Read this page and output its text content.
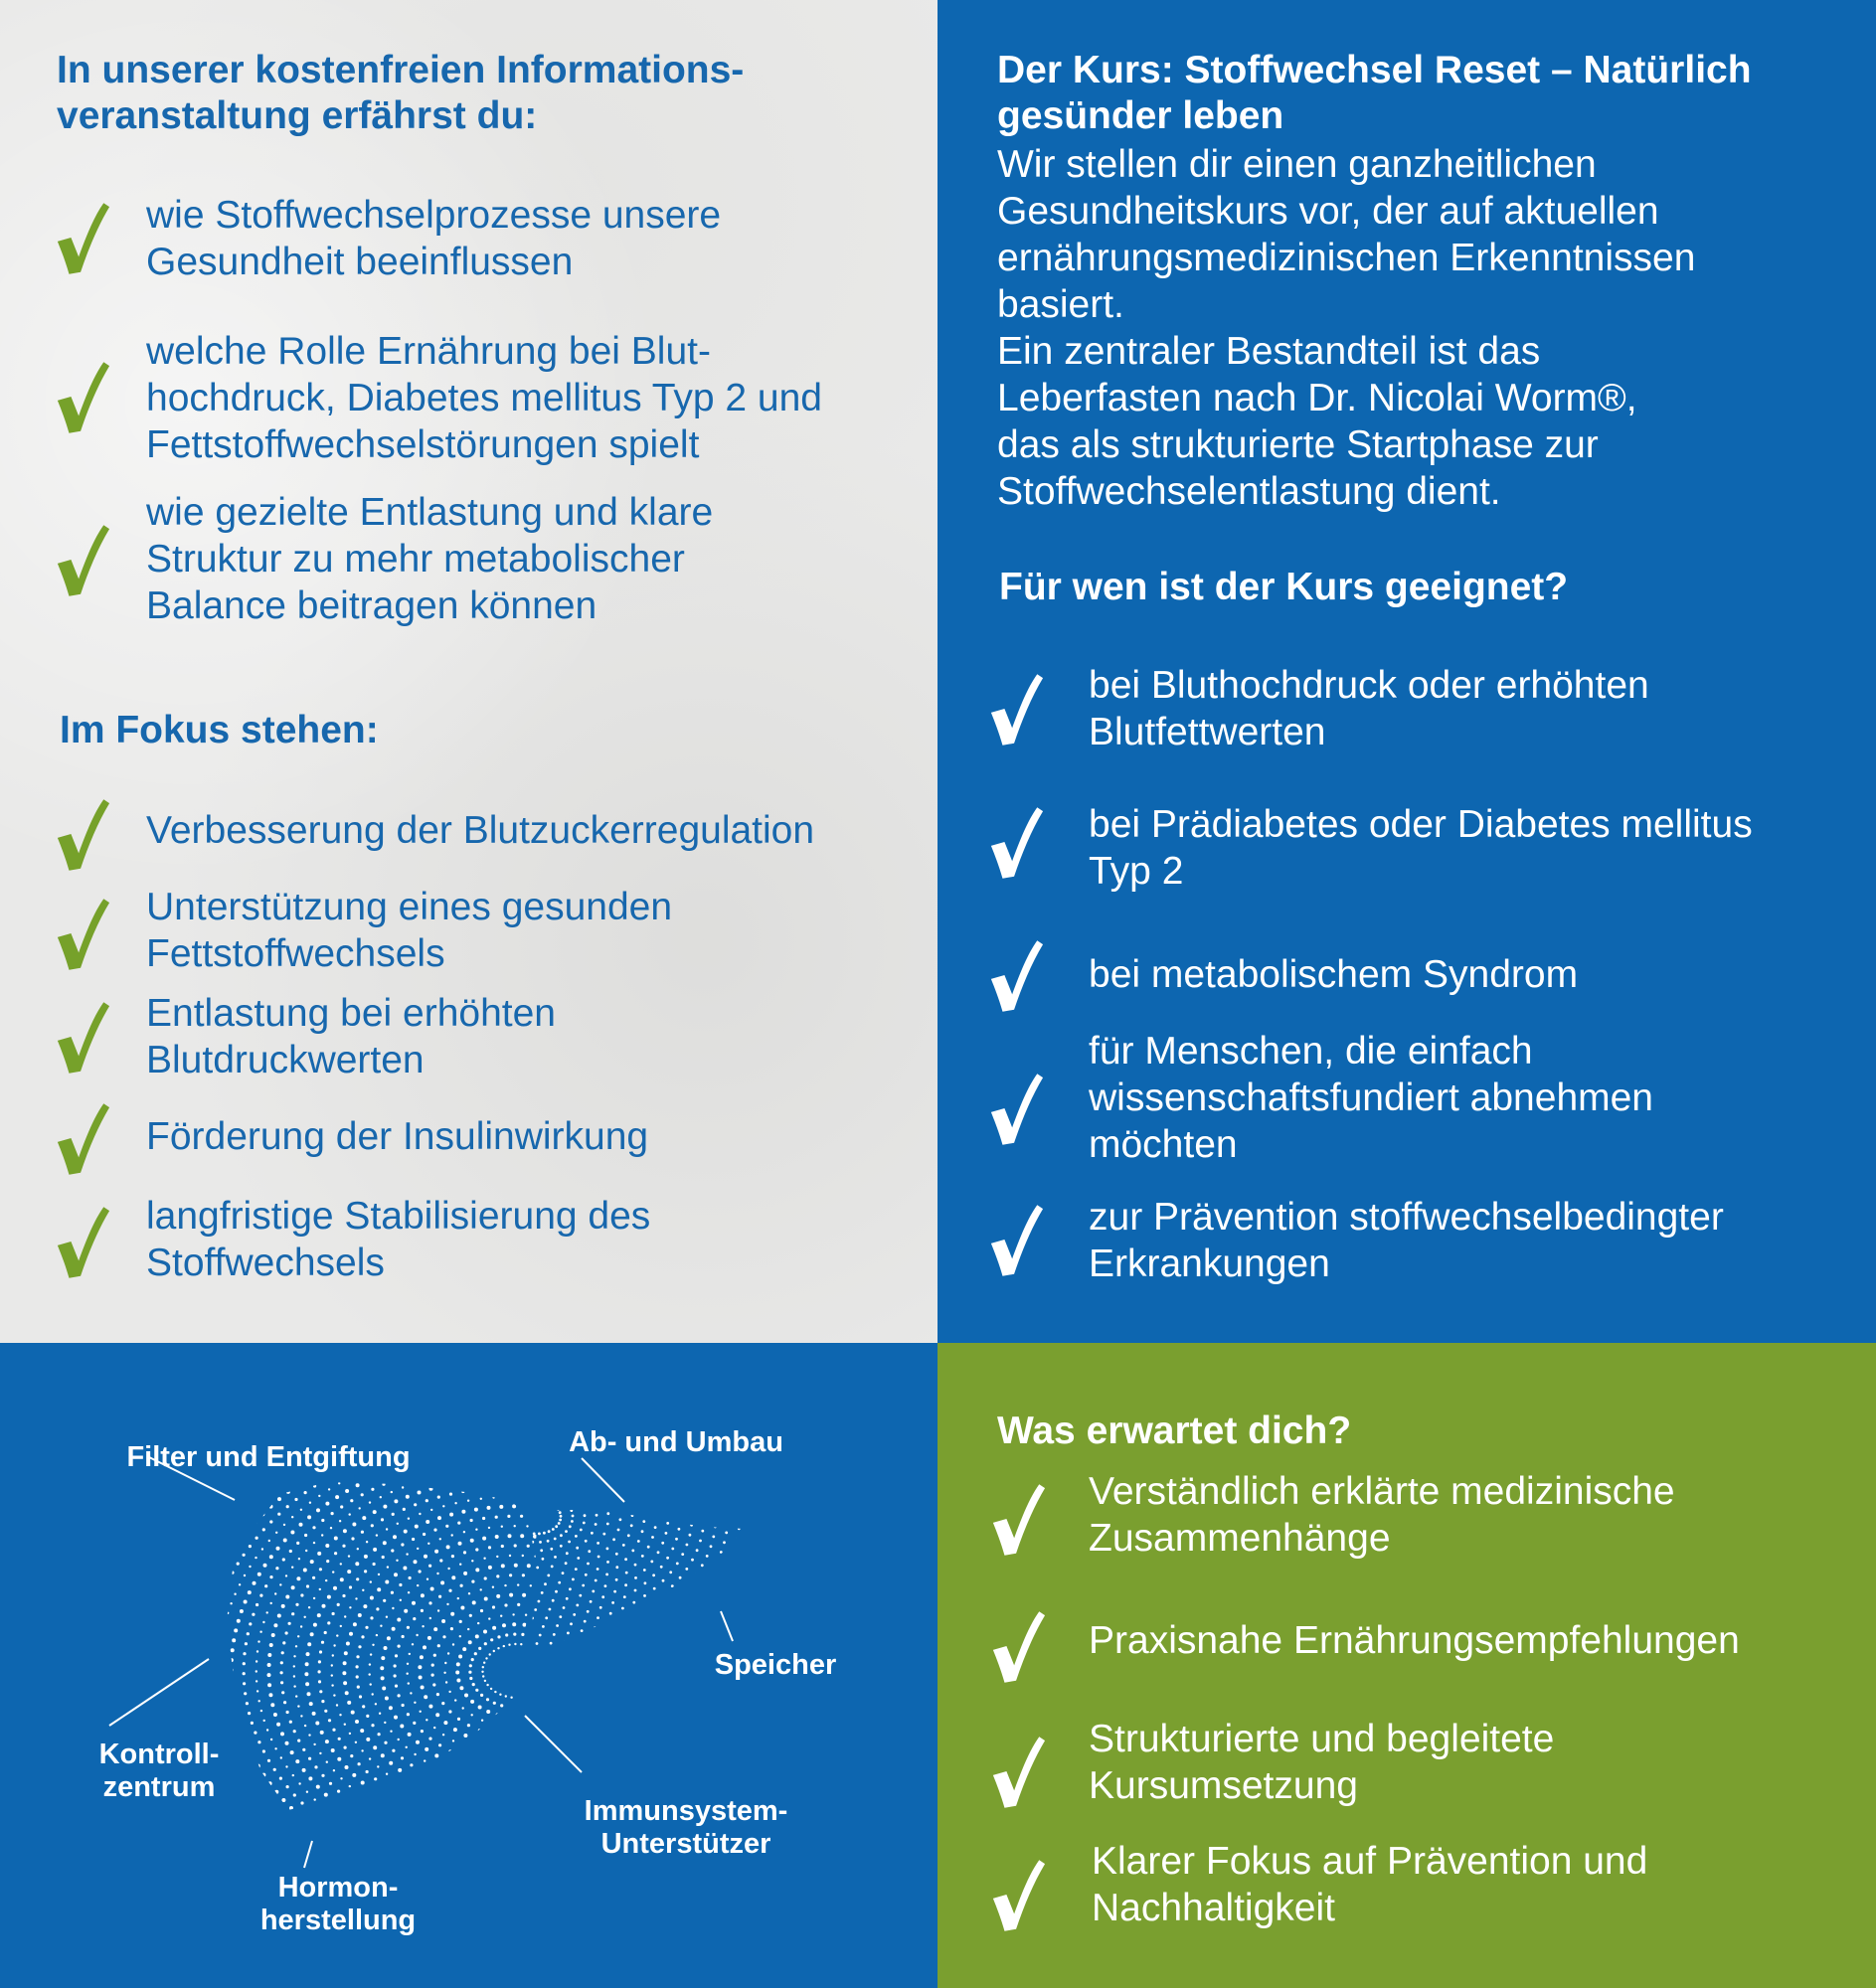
In unserer kostenfreien Informations-
veranstaltung erfährst du:

wie Stoffwechselprozesse unsere
Gesundheit beeinflussen

welche Rolle Ernährung bei Blut-
hochdruck, Diabetes mellitus Typ 2 und
Fettstoffwechselstörungen spielt

wie gezielte Entlastung und klare
Struktur zu mehr metabolischer
Balance beitragen können

Im Fokus stehen:

Verbesserung der Blutzuckerregulation

Unterstützung eines gesunden
Fettstoffwechsels

Entlastung bei erhöhten
Blutdruckwerten

Förderung der Insulinwirkung

langfristige Stabilisierung des
Stoffwechsels

Der Kurs: Stoffwechsel Reset – Natürlich
gesünder leben

Wir stellen dir einen ganzheitlichen
Gesundheitskurs vor, der auf aktuellen
ernährungsmedizinischen Erkenntnissen
basiert.
Ein zentraler Bestandteil ist das
Leberfasten nach Dr. Nicolai Worm®,
das als strukturierte Startphase zur
Stoffwechselentlastung dient.

Für wen ist der Kurs geeignet?

bei Bluthochdruck oder erhöhten
Blutfettwerten

bei Prädiabetes oder Diabetes mellitus
Typ 2

bei metabolischem Syndrom

für Menschen, die einfach
wissenschaftsfundiert abnehmen
möchten

zur Prävention stoffwechselbedingter
Erkrankungen

Filter und Entgiftung	Ab- und Umbau

Speicher

Kontroll-
zentrum

Immunsystem-
Unterstützer

Hormon-
herstellung

Was erwartet dich?

Verständlich erklärte medizinische
Zusammenhänge

Praxisnahe Ernährungsempfehlungen

Strukturierte und begleitete
Kursumsetzung

Klarer Fokus auf Prävention und
Nachhaltigkeit
